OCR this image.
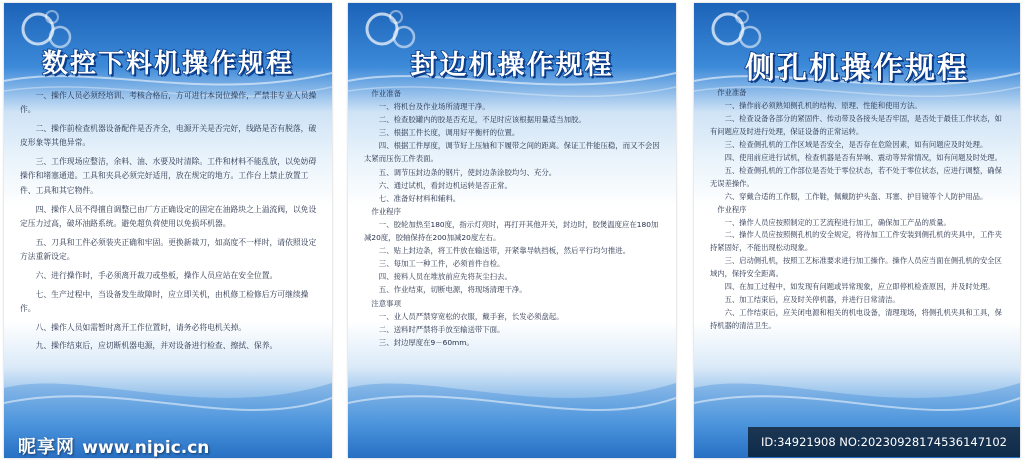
数控下料机操作规程

一、操作人员必须经培训、考核合格后，方可进行本岗位操作，严禁非专业人员操作。

二、操作前检查机器设备配件是否齐全，电源开关是否完好，线路是否有脱落，破皮形象等其他异常。

三、工作现场应整洁，余料、油、水要及时清除。工件和材料不能乱放，以免妨碍操作和堵塞通道。工具和夹具必须完好适用，放在规定的地方。工作台上禁止放置工件、工具和其它物件。

四、操作人员不得擅自调整已由厂方正确设定的固定在油路块之上溢流阀，以免设定压力过高，破坏油路系统。避免超负荷使用以免损坏机器。

五、刀具和工件必须装夹正确和牢固。更换新裁刀，如高度不一样时，请依照设定方法重新设定。

六、进行操作时，手必须离开裁刀或垫板，操作人员应站在安全位置。

七、生产过程中，当设备发生故障时，应立即关机，由机修工检修后方可继续操作。

八、操作人员如需暂时离开工作位置时，请务必将电机关掉。

九、操作结束后，应切断机器电源，并对设备进行检查、擦拭、保养。

封边机操作规程

作业准备

一、将机台及作业场所清理干净。

二、检查胶罐内的胶是否充足，不足时应该根据用量适当加胶。

三、根据工件长度，调用好平衡杆的位置。

四、根据工件厚度，调节好上压轴和下履带之间的距离。保证工件能压稳，而又不会因太紧而压伤工件表面。

五、调节压封边条的钢片，使封边条涂胶均匀、充分。

六、通过试机，看封边机运转是否正常。

七、准备好材料和辅料。

作业程序

一、胶轮加热至180度，指示灯亮时，再打开其他开关，封边时，胶煲温度应在180加减20度，胶轴保持在200加减20度左右。

二、贴上封边条，将工件放在输送带，开紧靠导轨挡板，然后平行均匀推进。

三、每加工一种工件，必须首件自检。

四、接料人员在堆放前应先将灰尘扫去。

五、作业结束，切断电源，将现场清理干净。

注意事项

一、业人员严禁穿宽松的衣服，戴手套，长发必须盘起。

二、送料时严禁将手放至输送带下面。

三、封边厚度在9－60mm。

侧孔机操作规程

作业准备

一、操作前必须熟知侧孔机的结构、原理、性能和使用方法。

二、检查设备各部分的紧固件、传动带及各接头是否牢固，是否处于最佳工作状态，如有问题应及时进行处理，保证设备的正常运转。

三、检查侧孔机的工作区域是否安全，是否存在危险因素，如有问题应及时处理。

四、使用前应进行试机，检查机器是否有异响、震动等异常情况，如有问题及时处理。

五、检查侧孔机的工作部位是否处于零位状态，若不处于零位状态，应进行调整，确保无误差操作。

六、穿戴合适的工作服，工作鞋，佩戴防护头盔、耳塞、护目镜等个人防护用品。

作业程序

一、操作人员应按照制定的工艺流程进行加工，确保加工产品的质量。

二、操作人员应按照侧孔机的安全规定，将待加工工件安装到侧孔机的夹具中，工件夹持紧固好，不能出现松动现象。

三、启动侧孔机，按照工艺标准要求进行加工操作。操作人员应当面在侧孔机的安全区域内，保持安全距离。

四、在加工过程中，如发现有问题或异常现象，应立即停机检查原因，并及时处理。

五、加工结束后，应及时关停机器，并进行日常清洁。

六、工作结束后，应关闭电源和相关的机电设备，清理现场，将侧孔机夹具和工具，保持机器的清洁卫生。

昵享网 www.nipic.cn	ID:34921908 NO:20230928174536147102
